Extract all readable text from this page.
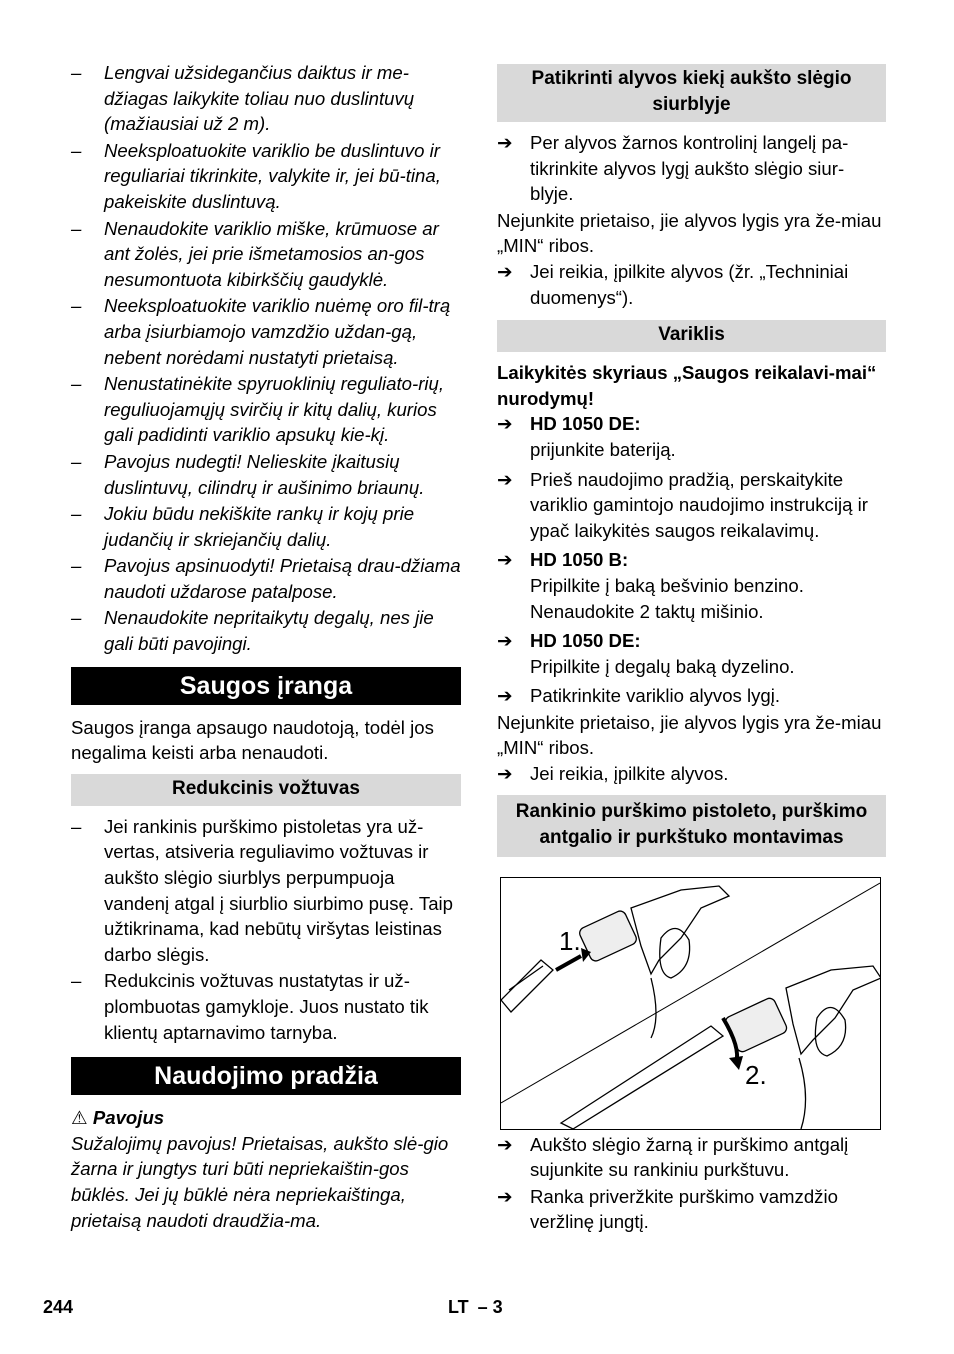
– Lengvai užsidegančius daiktus ir me-džiagas laikykite toliau nuo duslintuvų (mažiausiai už 2 m).
– Neeksploatuokite variklio be duslintuvo ir reguliariai tikrinkite, valykite ir, jei bū-tina, pakeiskite duslintuvą.
– Nenaudokite variklio miške, krūmuose ar ant žolės, jei prie išmetamosios an-gos nesumontuota kibirkščių gaudyklė.
– Neeksploatuokite variklio nuėmę oro fil-trą arba įsiurbiamojo vamzdžio uždan-gą, nebent norėdami nustatyti prietaisą.
– Nenustatinėkite spyruoklinių reguliato-rių, reguliuojamųjų svirčių ir kitų dalių, kurios gali padidinti variklio apsukų kie-kį.
– Pavojus nudegti! Nelieskite įkaitusių duslintuvų, cilindrų ir aušinimo briaunų.
– Jokiu būdu nekiškite rankų ir kojų prie judančių ir skriejančių dalių.
– Pavojus apsinuodyti! Prietaisą drau-džiama naudoti uždarose patalpose.
– Nenaudokite nepritaikytų degalų, nes jie gali būti pavojingi.
Saugos įranga

Saugos įranga apsaugo naudotoją, todėl jos negalima keisti arba nenaudoti.

Redukcinis vožtuvas
– Jei rankinis purškimo pistoletas yra už-vertas, atsiveria reguliavimo vožtuvas ir aukšto slėgio siurblys perpumpuoja vandenį atgal į siurblio siurbimo pusę. Taip užtikrinama, kad nebūtų viršytas leistinas darbo slėgis.
– Redukcinis vožtuvas nustatytas ir už-plombuotas gamykloje. Juos nustato tik klientų aptarnavimo tarnyba.
Naudojimo pradžia
⚠ Pavojus

Sužalojimų pavojus! Prietaisas, aukšto slė-gio žarna ir jungtys turi būti nepriekaištin-gos būklės. Jei jų būklė nėra nepriekaištinga, prietaisą naudoti draudžia-ma.

Patikrinti alyvos kiekį aukšto slėgio siurblyje
➔ Per alyvos žarnos kontrolinį langelį pa-tikrinkite alyvos lygį aukšto slėgio siur-blyje.

Nejunkite prietaiso, jie alyvos lygis yra že-miau „MIN“ ribos.

➔ Jei reikia, įpilkite alyvos (žr. „Techniniai duomenys“).
Variklis

Laikykitės skyriaus „Saugos reikalavi-mai“ nurodymų!

➔ HD 1050 DE:
prijunkite bateriją.
➔ Prieš naudojimo pradžią, perskaitykite variklio gamintojo naudojimo instrukciją ir ypač laikykitės saugos reikalavimų.
➔ HD 1050 B:
Pripilkite į baką bešvinio benzino. Nenaudokite 2 taktų mišinio.
➔ HD 1050 DE:
Pripilkite į degalų baką dyzelino.
➔ Patikrinkite variklio alyvos lygį.

Nejunkite prietaiso, jie alyvos lygis yra že-miau „MIN“ ribos.

➔ Jei reikia, įpilkite alyvos.
Rankinio purškimo pistoleto, purškimo antgalio ir purkštuko montavimas
1.
2.
➔ Aukšto slėgio žarną ir purškimo antgalį sujunkite su rankiniu purkštuvu.
➔ Ranka priveržkite purškimo vamzdžio veržlinę jungtį.
244	LT – 3
